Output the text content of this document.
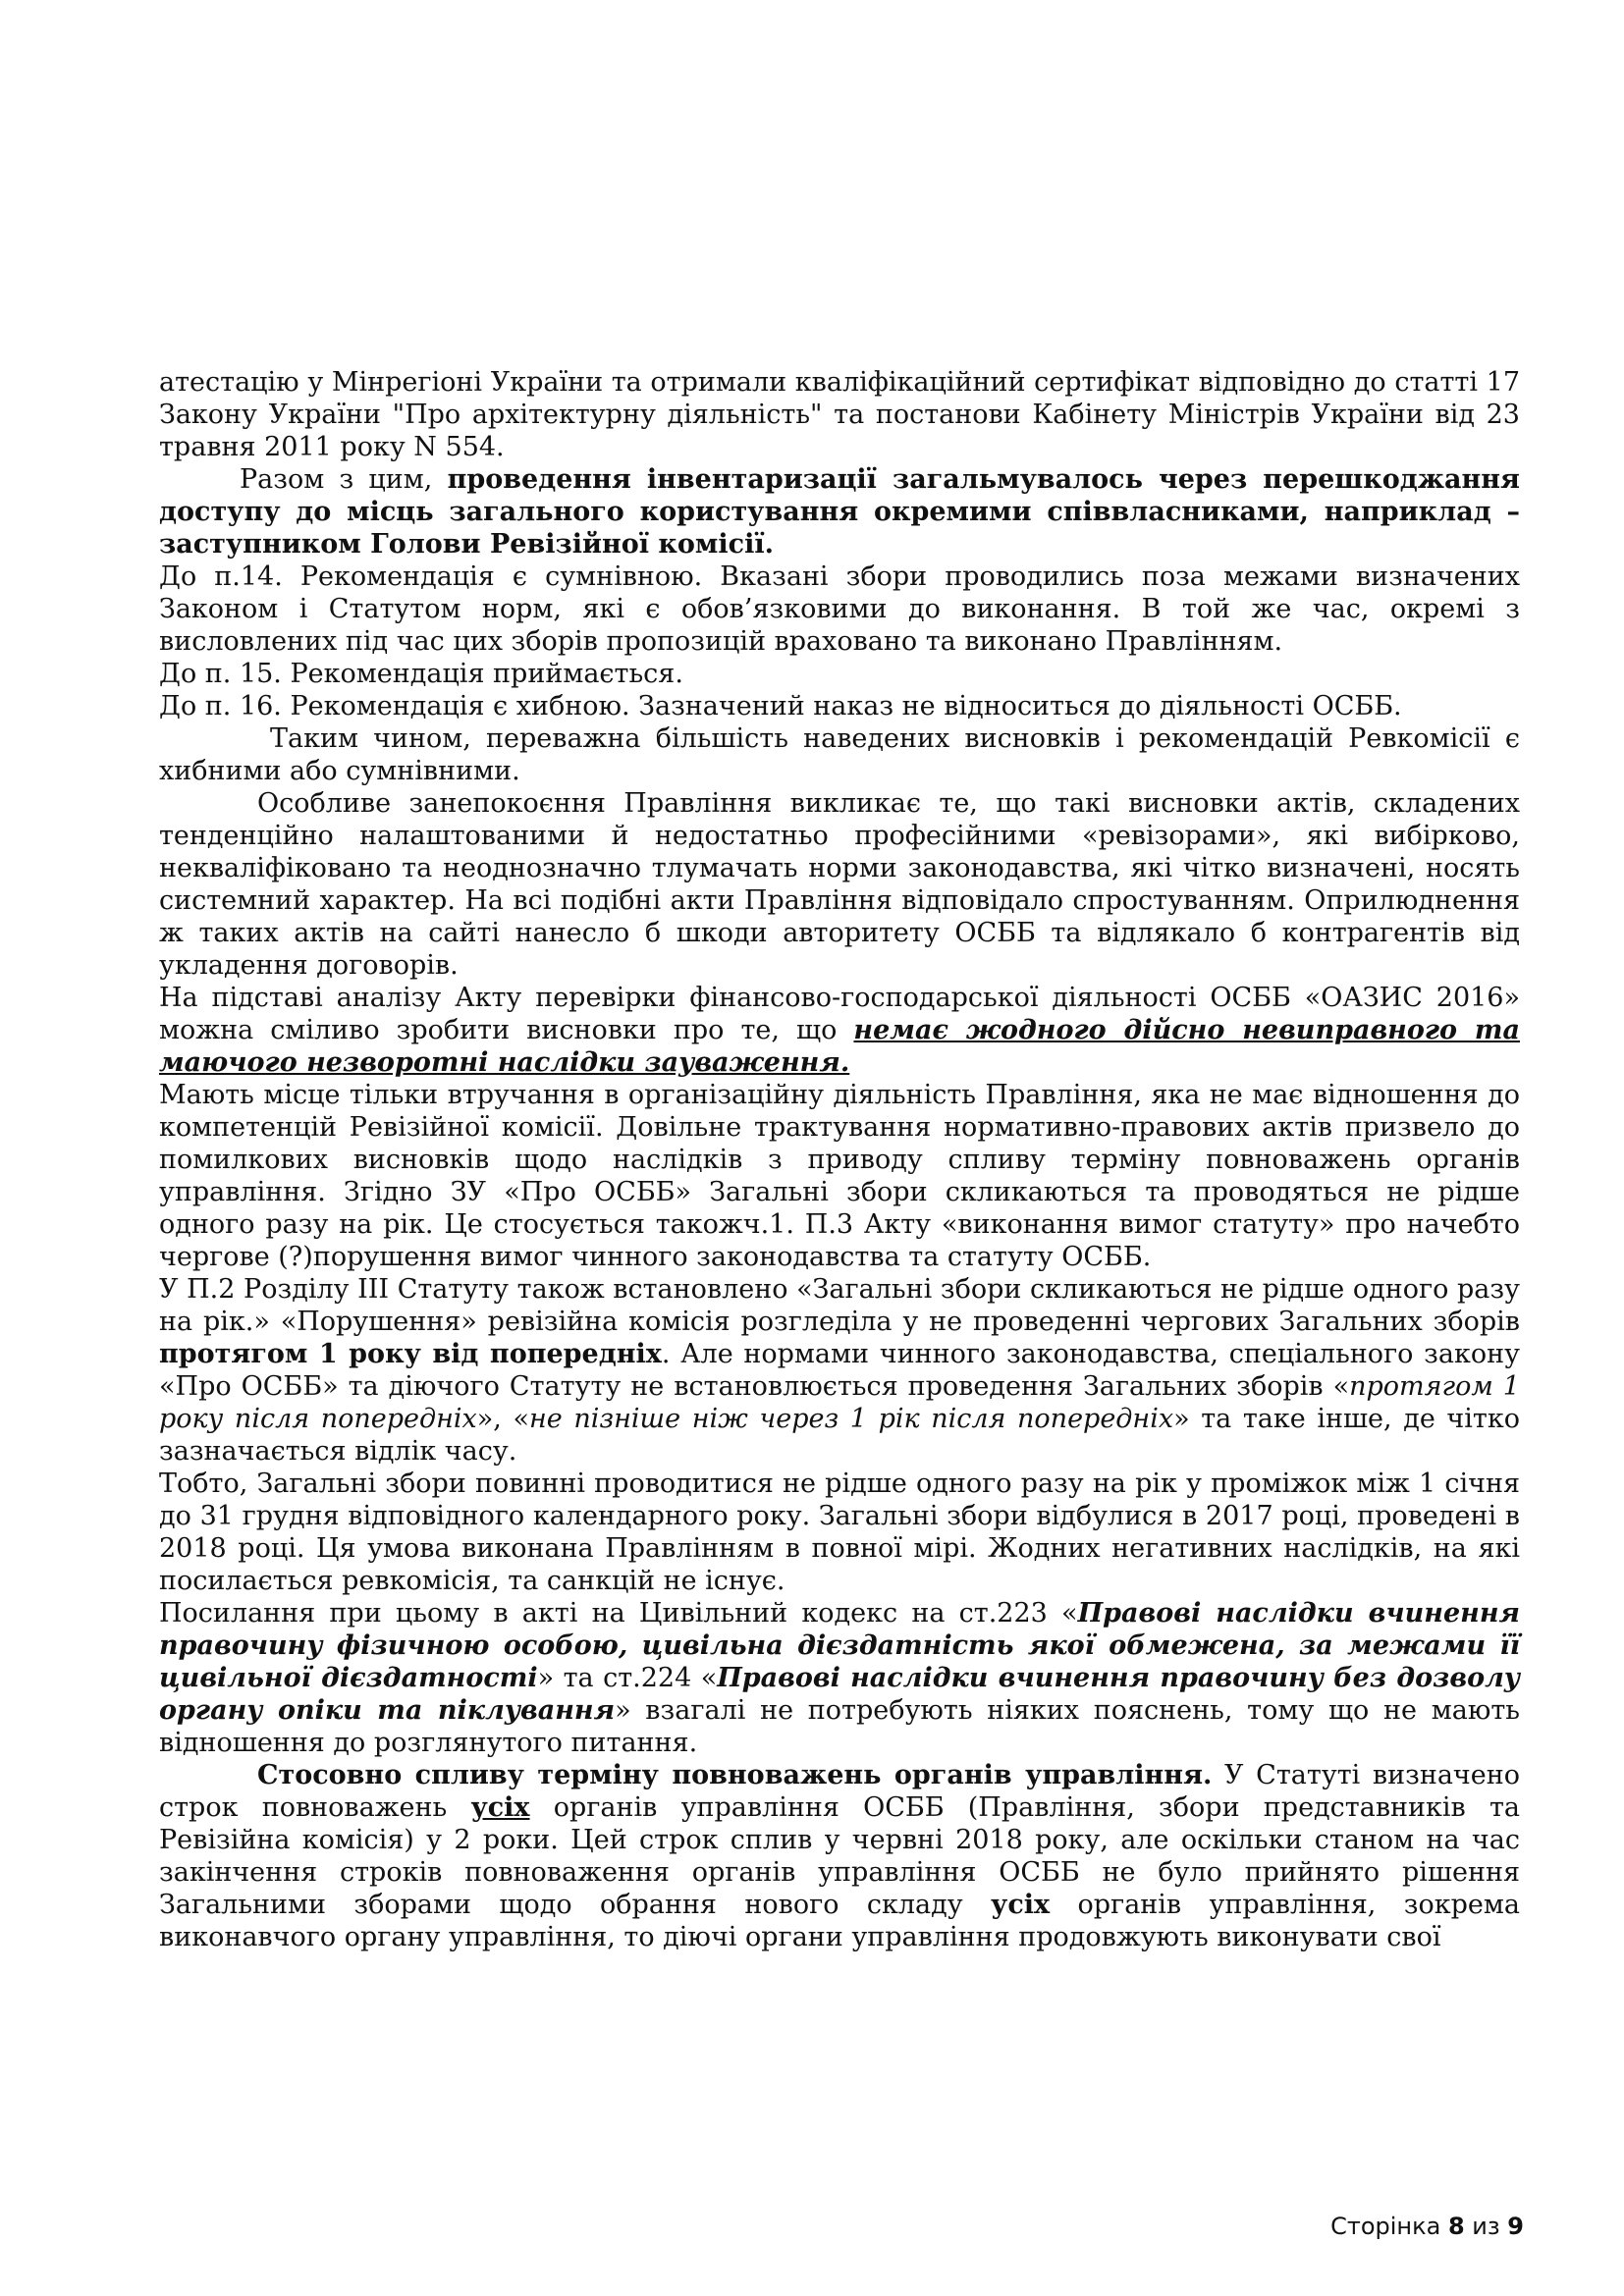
атестацію у Мінрегіоні України та отримали кваліфікаційний сертифікат відповідно до статті 17 Закону України "Про архітектурну діяльність" та постанови Кабінету Міністрів України від 23 травня 2011 року N 554.

Разом з цим, проведення інвентаризації загальмувалось через перешкоджання доступу до місць загального користування окремими співвласниками, наприклад – заступником Голови Ревізійної комісії.

До п.14. Рекомендація є сумнівною. Вказані збори проводились поза межами визначених Законом і Статутом норм, які є обов’язковими до виконання. В той же час, окремі з висловлених під час цих зборів пропозицій враховано та виконано Правлінням.

До п. 15. Рекомендація приймається.

До п. 16. Рекомендація є хибною. Зазначений наказ не відноситься до діяльності ОСББ.

Таким чином, переважна більшість наведених висновків і рекомендацій Ревкомісії є хибними або сумнівними.

Особливе занепокоєння Правління викликає те, що такі висновки актів, складених тенденційно налаштованими й недостатньо професійними «ревізорами», які вибірково, некваліфіковано та неоднозначно тлумачать норми законодавства, які чітко визначені, носять системний характер. На всі подібні акти Правління відповідало спростуванням. Оприлюднення ж таких актів на сайті нанесло б шкоди авторитету ОСББ та відлякало б контрагентів від укладення договорів.

На підставі аналізу Акту перевірки фінансово-господарської діяльності ОСББ «ОАЗИС 2016» можна сміливо зробити висновки про те, що немає жодного дійсно невиправного та маючого незворотні наслідки зауваження.

Мають місце тільки втручання в організаційну діяльність Правління, яка не має відношення до компетенцій Ревізійної комісії. Довільне трактування нормативно-правових актів призвело до помилкових висновків щодо наслідків з приводу спливу терміну повноважень органів управління. Згідно ЗУ «Про ОСББ» Загальні збори скликаються та проводяться не рідше одного разу на рік. Це стосується такожч.1. П.3 Акту «виконання вимог статуту» про начебто чергове (?)порушення вимог чинного законодавства та статуту ОСББ.

У П.2 Розділу ІІІ Статуту також встановлено «Загальні збори скликаються не рідше одного разу на рік.» «Порушення» ревізійна комісія розгледіла у не проведенні чергових Загальних зборів протягом 1 року від попередніх. Але нормами чинного законодавства, спеціального закону «Про ОСББ» та діючого Статуту не встановлюється проведення Загальних зборів «протягом 1 року після попередніх», «не пізніше ніж через 1 рік після попередніх» та таке інше, де чітко зазначається відлік часу.

Тобто, Загальні збори повинні проводитися не рідше одного разу на рік у проміжок між 1 січня до 31 грудня відповідного календарного року. Загальні збори відбулися в 2017 році, проведені в 2018 році. Ця умова виконана Правлінням в повної мірі. Жодних негативних наслідків, на які посилається ревкомісія, та санкцій не існує.

Посилання при цьому в акті на Цивільний кодекс на ст.223 «Правові наслідки вчинення правочину фізичною особою, цивільна дієздатність якої обмежена, за межами її цивільної дієздатності» та ст.224 «Правові наслідки вчинення правочину без дозволу органу опіки та піклування» взагалі не потребують ніяких пояснень, тому що не мають відношення до розглянутого питання.

Стосовно спливу терміну повноважень органів управління. У Статуті визначено строк повноважень усіх органів управління ОСББ (Правління, збори представників та Ревізійна комісія) у 2 роки. Цей строк сплив у червні 2018 року, але оскільки станом на час закінчення строків повноваження органів управління ОСББ не було прийнято рішення Загальними зборами щодо обрання нового складу усіх органів управління, зокрема виконавчого органу управління, то діючі органи управління продовжують виконувати свої

Сторінка 8 из 9
